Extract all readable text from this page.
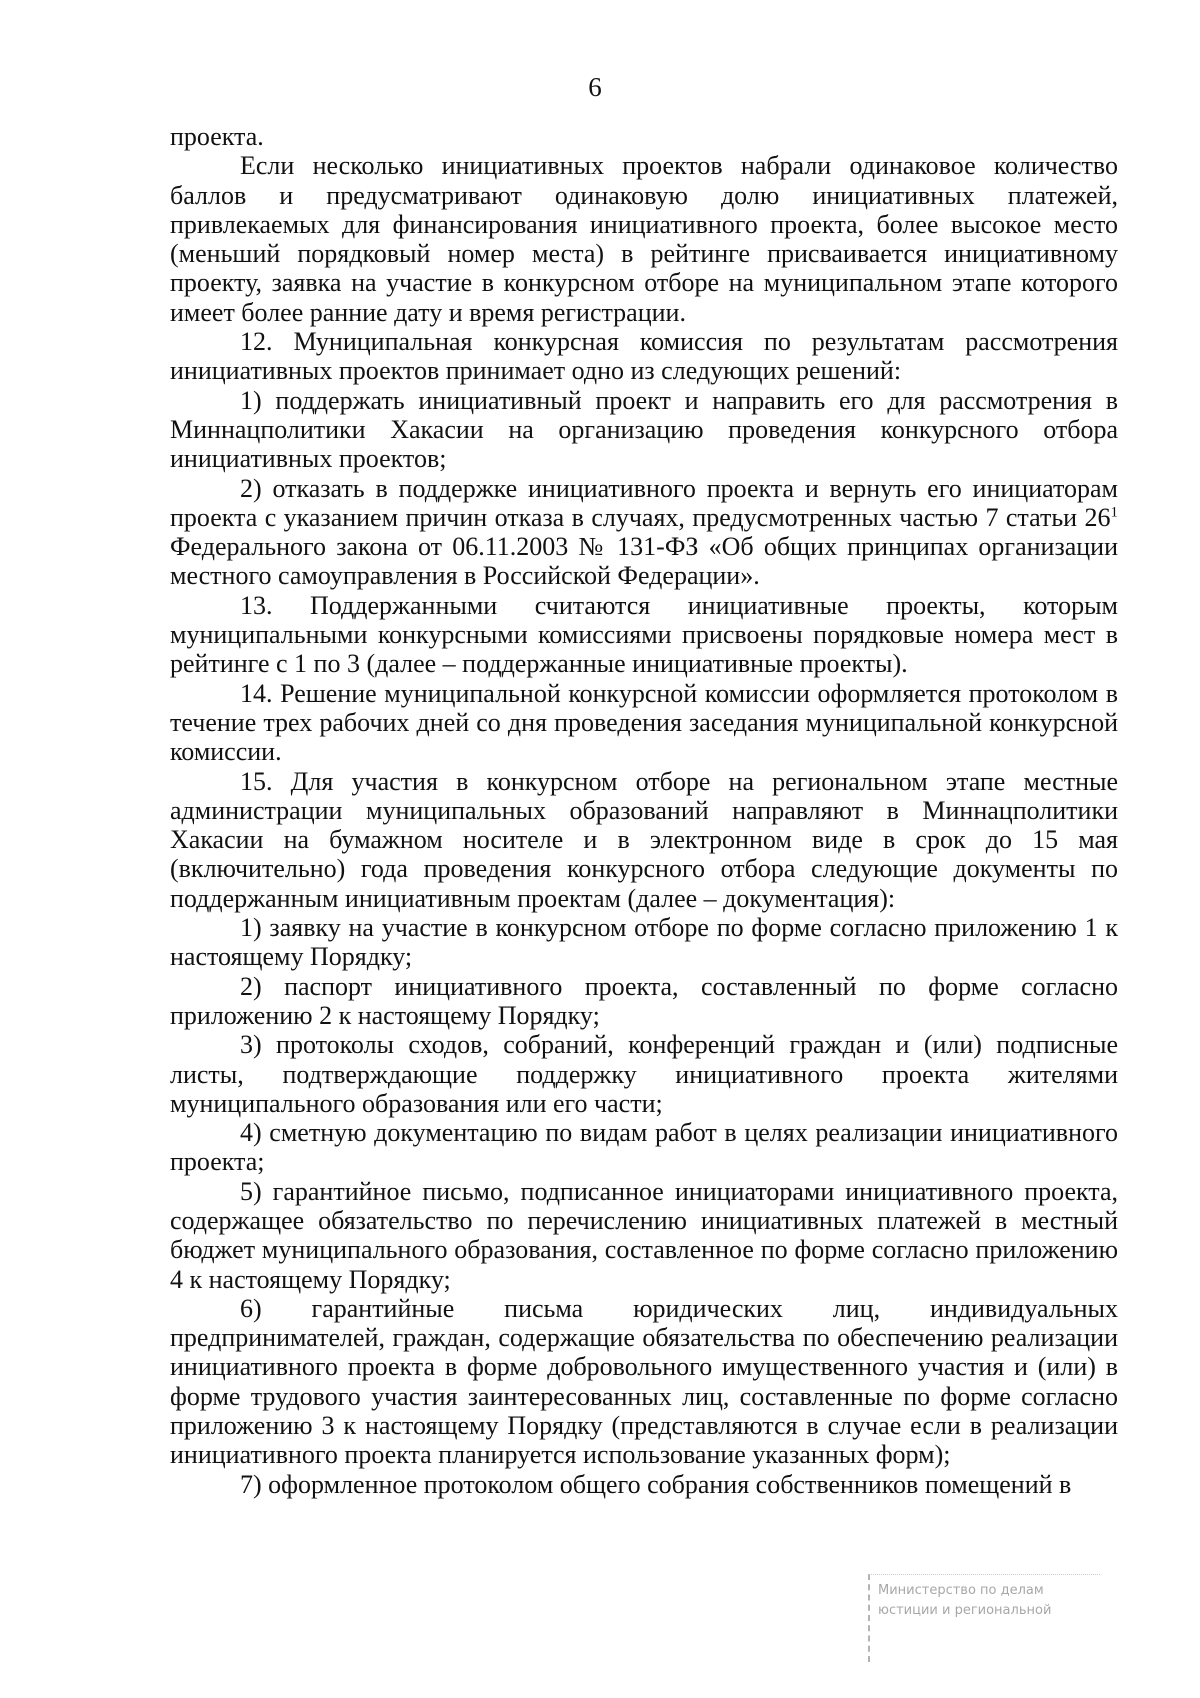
6

проекта.

Если несколько инициативных проектов набрали одинаковое количество баллов и предусматривают одинаковую долю инициативных платежей, привлекаемых для финансирования инициативного проекта, более высокое место (меньший порядковый номер места) в рейтинге присваивается инициативному проекту, заявка на участие в конкурсном отборе на муниципальном этапе которого имеет более ранние дату и время регистрации.

12. Муниципальная конкурсная комиссия по результатам рассмотрения инициативных проектов принимает одно из следующих решений:

1) поддержать инициативный проект и направить его для рассмотрения в Миннацполитики Хакасии на организацию проведения конкурсного отбора инициативных проектов;

2) отказать в поддержке инициативного проекта и вернуть его инициаторам проекта с указанием причин отказа в случаях, предусмотренных частью 7 статьи $26^1$ Федерального закона от 06.11.2003 № 131-ФЗ «Об общих принципах организации местного самоуправления в Российской Федерации».

13. Поддержанными считаются инициативные проекты, которым муниципальными конкурсными комиссиями присвоены порядковые номера мест в рейтинге с 1 по 3 (далее – поддержанные инициативные проекты).

14. Решение муниципальной конкурсной комиссии оформляется протоколом в течение трех рабочих дней со дня проведения заседания муниципальной конкурсной комиссии.

15. Для участия в конкурсном отборе на региональном этапе местные администрации муниципальных образований направляют в Миннацполитики Хакасии на бумажном носителе и в электронном виде в срок до 15 мая (включительно) года проведения конкурсного отбора следующие документы по поддержанным инициативным проектам (далее – документация):

1) заявку на участие в конкурсном отборе по форме согласно приложению 1 к настоящему Порядку;

2) паспорт инициативного проекта, составленный по форме согласно приложению 2 к настоящему Порядку;

3) протоколы сходов, собраний, конференций граждан и (или) подписные листы, подтверждающие поддержку инициативного проекта жителями муниципального образования или его части;

4) сметную документацию по видам работ в целях реализации инициативного проекта;

5) гарантийное письмо, подписанное инициаторами инициативного проекта, содержащее обязательство по перечислению инициативных платежей в местный бюджет муниципального образования, составленное по форме согласно приложению 4 к настоящему Порядку;

6) гарантийные письма юридических лиц, индивидуальных предпринимателей, граждан, содержащие обязательства по обеспечению реализации инициативного проекта в форме добровольного имущественного участия и (или) в форме трудового участия заинтересованных лиц, составленные по форме согласно приложению 3 к настоящему Порядку (представляются в случае если в реализации инициативного проекта планируется использование указанных форм);

7) оформленное протоколом общего собрания собственников помещений в

Министерство по делам
юстиции и региональной
